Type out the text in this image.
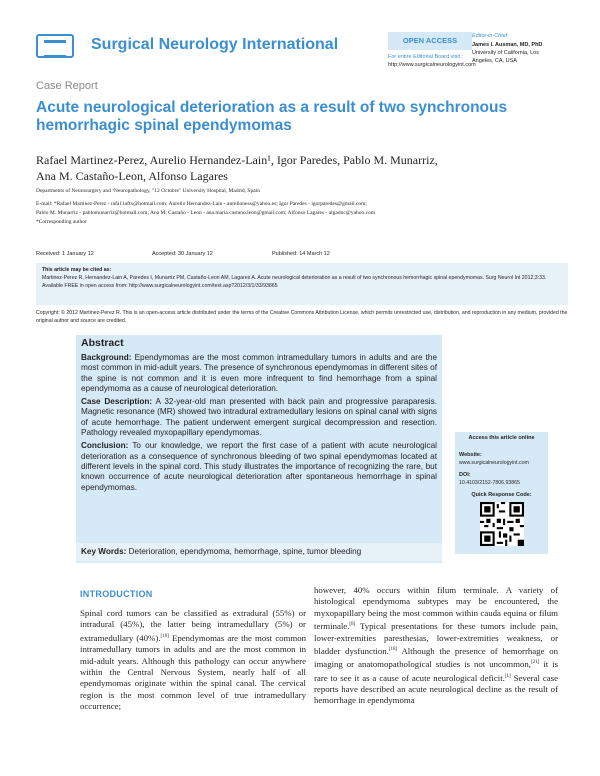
Surgical Neurology International	OPEN ACCESS
For entire Editorial Board visit :
http://www.surgicalneurologyint.com
Editor-in-Chief
James I. Ausman, MD, PhD
University of California, Los
Angeles, CA, USA
Case Report
Acute neurological deterioration as a result of two synchronous hemorrhagic spinal ependymomas
Rafael Martinez-Perez, Aurelio Hernandez-Lain¹, Igor Paredes, Pablo M. Munarriz,
Ana M. Castaño-Leon, Alfonso Lagares
Departments of Neurosurgery and ¹Neuropathology, "12 Octubre" University Hospital, Madrid, Spain
E-mail: *Rafael Martinez-Perez - rafa11aftx@hotmail.com; Aurelio Hernandez-Lain - aurelioness@yahoo.es; Igor Paredes - igorparedes@gmail.com;
Pablo M. Munarriz - pablomunarriz@hotmail.com; Ana M. Castaño - Leon - ana.maria.castano.leon@gmail.com; Alfonso Lagares - algadoc@yahoo.com
*Corresponding author
Received: 1 January 12	Accepted: 30 January 12	Published: 14 March 12
This article may be cited as:
Martinez-Perez R, Hernandez-Lain A, Paredes I, Munarriz PM, Castaño-Leon AM, Lagares A. Acute neurological deterioration as a result of two synchronous hemorrhagic spinal ependymomas. Surg Neurol Int 2012;3:33.
Available FREE in open access from: http://www.surgicalneurologyint.com/text.asp?2012/3/1/33/93865
Copyright: © 2012 Martinez-Perez R. This is an open-access article distributed under the terms of the Creative Commons Attribution License, which permits unrestricted use, distribution, and reproduction in any medium, provided the original author and source are credited.
Abstract

Background: Ependymomas are the most common intramedullary tumors in adults and are the most common in mid-adult years. The presence of synchronous ependymomas in different sites of the spine is not common and it is even more infrequent to find hemorrhage from a spinal ependymoma as a cause of neurological deterioration.

Case Description: A 32-year-old man presented with back pain and progressive paraparesis. Magnetic resonance (MR) showed two intradural extramedullary lesions on spinal canal with signs of acute hemorrhage. The patient underwent emergent surgical decompression and resection. Pathology revealed myxopapillary ependymomas.

Conclusion: To our knowledge, we report the first case of a patient with acute neurological deterioration as a consequence of synchronous bleeding of two spinal ependymomas located at different levels in the spinal cord. This study illustrates the importance of recognizing the rare, but known occurrence of acute neurological deterioration after spontaneous hemorrhage in spinal ependymomas.

Key Words: Deterioration, ependymoma, hemorrhage, spine, tumor bleeding
Access this article online
Website:
www.surgicalneurologyint.com
DOI:
10.4103/2152-7806.93865
Quick Response Code:
INTRODUCTION
Spinal cord tumors can be classified as extradural (55%) or intradural (45%), the latter being intramedullary (5%) or extramedullary (40%).[16] Ependymomas are the most common intramedullary tumors in adults and are the most common in mid-adult years. Although this pathology can occur anywhere within the Central Nervous System, nearly half of all ependymomas originate within the spinal canal. The cervical region is the most common level of true intramedullary occurrence;
however, 40% occurs within filum terminale. A variety of histological ependymoma subtypes may be encountered, the myxopapillary being the most common within cauda equina or filum terminale.[8] Typical presentations for these tumors include pain, lower-extremities paresthesias, lower-extremities weakness, or bladder dysfunction.[18] Although the presence of hemorrhage on imaging or anatomopathological studies is not uncommon,[21] it is rare to see it as a cause of acute neurological deficit.[1] Several case reports have described an acute neurological decline as the result of hemorrhage in ependymoma
